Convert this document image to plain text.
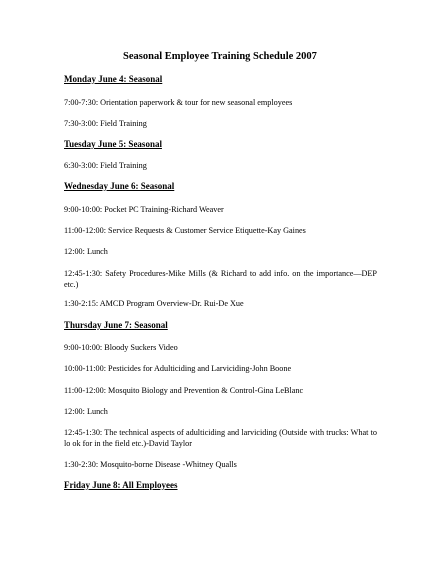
Seasonal Employee Training Schedule 2007
Monday June 4: Seasonal
7:00-7:30: Orientation paperwork & tour for new seasonal employees
7:30-3:00: Field Training
Tuesday June 5: Seasonal
6:30-3:00: Field Training
Wednesday June 6: Seasonal
9:00-10:00: Pocket PC Training-Richard Weaver
11:00-12:00: Service Requests & Customer Service Etiquette-Kay Gaines
12:00: Lunch
12:45-1:30: Safety Procedures-Mike Mills (& Richard to add info. on the importance—DEP etc.)
1:30-2:15: AMCD Program Overview-Dr. Rui-De Xue
Thursday June 7: Seasonal
9:00-10:00: Bloody Suckers Video
10:00-11:00: Pesticides for Adulticiding and Larviciding-John Boone
11:00-12:00: Mosquito Biology and Prevention & Control-Gina LeBlanc
12:00: Lunch
12:45-1:30: The technical aspects of adulticiding and larviciding (Outside with trucks: What to lo ok for in the field etc.)-David Taylor
1:30-2:30: Mosquito-borne Disease -Whitney Qualls
Friday June 8: All Employees
